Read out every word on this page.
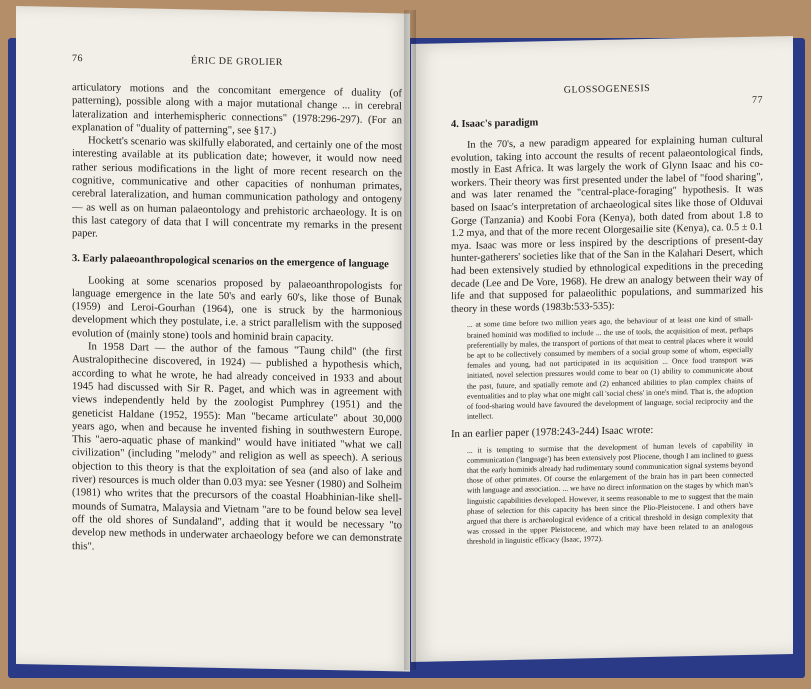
76	ÉRIC DE GROLIER

articulatory motions and the concomitant emergence of duality (of patterning), possible along with a major mutational change ... in cerebral lateralization and interhemispheric connections" (1978:296-297). (For an explanation of "duality of patterning", see §17.)

Hockett's scenario was skilfully elaborated, and certainly one of the most interesting available at its publication date; however, it would now need rather serious modifications in the light of more recent research on the cognitive, communicative and other capacities of nonhuman primates, cerebral lateralization, and human communication pathology and ontogeny — as well as on human palaeontology and prehistoric archaeology. It is on this last category of data that I will concentrate my remarks in the present paper.

3. Early palaeoanthropological scenarios on the emergence of language

Looking at some scenarios proposed by palaeoanthropologists for language emergence in the late 50's and early 60's, like those of Bunak (1959) and Leroi-Gourhan (1964), one is struck by the harmonious development which they postulate, i.e. a strict parallelism with the supposed evolution of (mainly stone) tools and hominid brain capacity.

In 1958 Dart — the author of the famous "Taung child" (the first Australopithecine discovered, in 1924) — published a hypothesis which, according to what he wrote, he had already conceived in 1933 and about 1945 had discussed with Sir R. Paget, and which was in agreement with views independently held by the zoologist Pumphrey (1951) and the geneticist Haldane (1952, 1955): Man "became articulate" about 30,000 years ago, when and because he invented fishing in southwestern Europe. This "aero-aquatic phase of mankind" would have initiated "what we call civilization" (including "melody" and religion as well as speech). A serious objection to this theory is that the exploitation of sea (and also of lake and river) resources is much older than 0.03 mya: see Yesner (1980) and Solheim (1981) who writes that the precursors of the coastal Hoabhinian-like shell-mounds of Sumatra, Malaysia and Vietnam "are to be found below sea level off the old shores of Sundaland", adding that it would be necessary "to develop new methods in underwater archaeology before we can demonstrate this".

GLOSSOGENESIS
77
4. Isaac's paradigm

In the 70's, a new paradigm appeared for explaining human cultural evolution, taking into account the results of recent palaeontological finds, mostly in East Africa. It was largely the work of Glynn Isaac and his co-workers. Their theory was first presented under the label of "food sharing", and was later renamed the "central-place-foraging" hypothesis. It was based on Isaac's interpretation of archaeological sites like those of Olduvai Gorge (Tanzania) and Koobi Fora (Kenya), both dated from about 1.8 to 1.2 mya, and that of the more recent Olorgesailie site (Kenya), ca. 0.5 ± 0.1 mya. Isaac was more or less inspired by the descriptions of present-day hunter-gatherers' societies like that of the San in the Kalahari Desert, which had been extensively studied by ethnological expeditions in the preceding decade (Lee and De Vore, 1968). He drew an analogy between their way of life and that supposed for palaeolithic populations, and summarized his theory in these words (1983b:533-535):

... at some time before two million years ago, the behaviour of at least one kind of small-brained hominid was modified to include ... the use of tools, the acquisition of meat, perhaps preferentially by males, the transport of portions of that meat to central places where it would be apt to be collectively consumed by members of a social group some of whom, especially females and young, had not participated in its acquisition ... Once food transport was initiated, novel selection pressures would come to bear on (1) ability to communicate about the past, future, and spatially remote and (2) enhanced abilities to plan complex chains of eventualities and to play what one might call 'social chess' in one's mind. That is, the adoption of food-sharing would have favoured the development of language, social reciprocity and the intellect.

In an earlier paper (1978:243-244) Isaac wrote:

... it is tempting to surmise that the development of human levels of capability in communication ('language') has been extensively post Pliocene, though I am inclined to guess that the early hominids already had rudimentary sound communication signal systems beyond those of other primates. Of course the enlargement of the brain has in part been connected with language and association. ... we have no direct information on the stages by which man's linguistic capabilities developed. However, it seems reasonable to me to suggest that the main phase of selection for this capacity has been since the Plio-Pleistocene. I and others have argued that there is archaeological evidence of a critical threshold in design complexity that was crossed in the upper Pleistocene, and which may have been related to an analogous threshold in linguistic efficacy (Isaac, 1972).
